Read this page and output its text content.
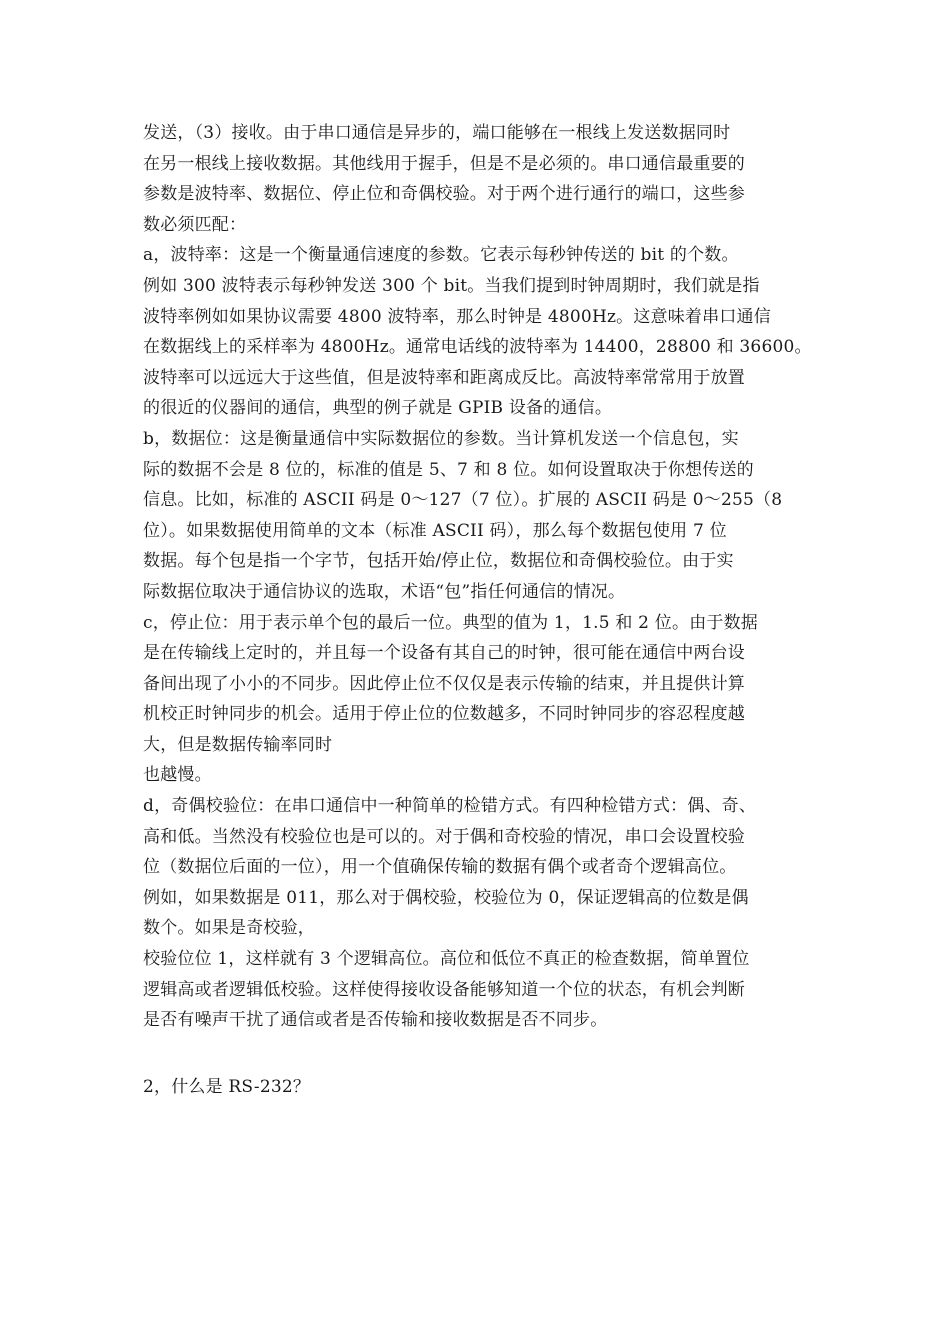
发送，（3）接收。由于串口通信是异步的，端口能够在一根线上发送数据同时
在另一根线上接收数据。其他线用于握手，但是不是必须的。串口通信最重要的
参数是波特率、数据位、停止位和奇偶校验。对于两个进行通行的端口，这些参
数必须匹配：
a，波特率：这是一个衡量通信速度的参数。它表示每秒钟传送的 bit 的个数。
例如 300 波特表示每秒钟发送 300 个 bit。当我们提到时钟周期时，我们就是指
波特率例如如果协议需要 4800 波特率，那么时钟是 4800Hz。这意味着串口通信
在数据线上的采样率为 4800Hz。通常电话线的波特率为 14400，28800 和 36600。
波特率可以远远大于这些值，但是波特率和距离成反比。高波特率常常用于放置
的很近的仪器间的通信，典型的例子就是 GPIB 设备的通信。
b，数据位：这是衡量通信中实际数据位的参数。当计算机发送一个信息包，实
际的数据不会是 8 位的，标准的值是 5、7 和 8 位。如何设置取决于你想传送的
信息。比如，标准的 ASCII 码是 0～127（7 位）。扩展的 ASCII 码是 0～255（8
位）。如果数据使用简单的文本（标准 ASCII 码），那么每个数据包使用 7 位
数据。每个包是指一个字节，包括开始/停止位，数据位和奇偶校验位。由于实
际数据位取决于通信协议的选取，术语“包”指任何通信的情况。
c，停止位：用于表示单个包的最后一位。典型的值为 1，1.5 和 2 位。由于数据
是在传输线上定时的，并且每一个设备有其自己的时钟，很可能在通信中两台设
备间出现了小小的不同步。因此停止位不仅仅是表示传输的结束，并且提供计算
机校正时钟同步的机会。适用于停止位的位数越多，不同时钟同步的容忍程度越
大，但是数据传输率同时
也越慢。
d，奇偶校验位：在串口通信中一种简单的检错方式。有四种检错方式：偶、奇、
高和低。当然没有校验位也是可以的。对于偶和奇校验的情况，串口会设置校验
位（数据位后面的一位），用一个值确保传输的数据有偶个或者奇个逻辑高位。
例如，如果数据是 011，那么对于偶校验，校验位为 0，保证逻辑高的位数是偶
数个。如果是奇校验，
校验位位 1，这样就有 3 个逻辑高位。高位和低位不真正的检查数据，简单置位
逻辑高或者逻辑低校验。这样使得接收设备能够知道一个位的状态，有机会判断
是否有噪声干扰了通信或者是否传输和接收数据是否不同步。
2，什么是 RS-232？
